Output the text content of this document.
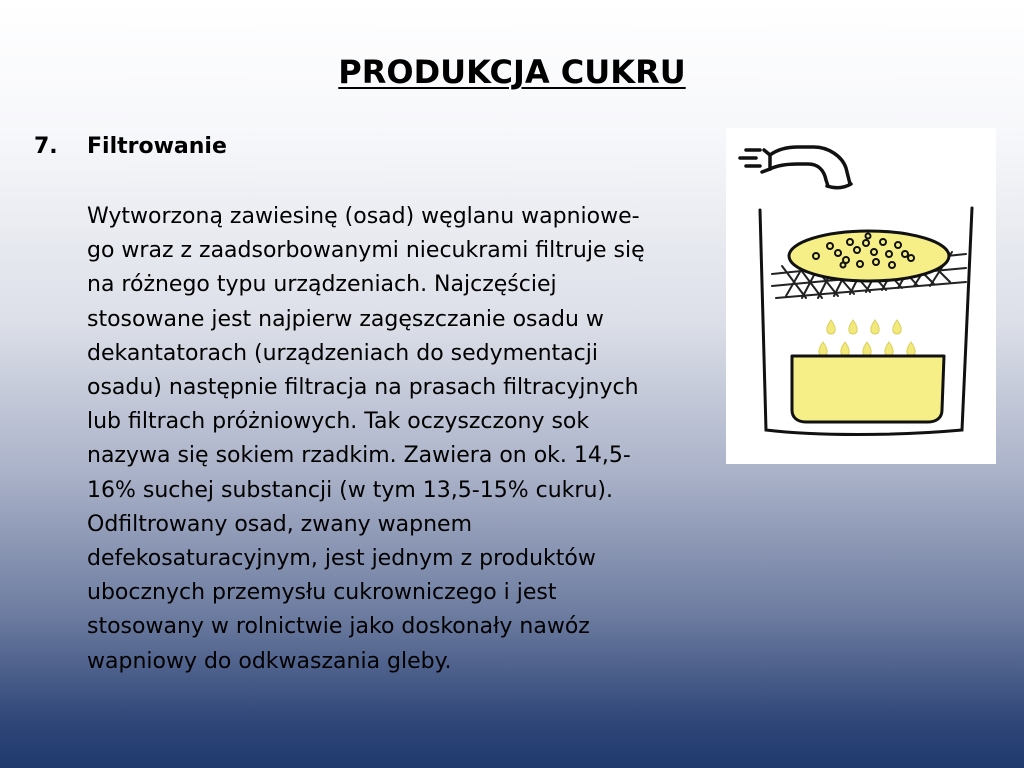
PRODUKCJA CUKRU
7. Filtrowanie

Wytworzoną zawiesinę (osad) węglanu wapniowe-
go wraz z zaadsorbowanymi niecukrami filtruje się
na różnego typu urządzeniach. Najczęściej
stosowane jest najpierw zagęszczanie osadu w
dekantatorach (urządzeniach do sedymentacji
osadu) następnie filtracja na prasach filtracyjnych
lub filtrach próżniowych. Tak oczyszczony sok
nazywa się sokiem rzadkim. Zawiera on ok. 14,5-
16% suchej substancji (w tym 13,5-15% cukru).
Odfiltrowany osad, zwany wapnem
defekosaturacyjnym, jest jednym z produktów
ubocznych przemysłu cukrowniczego i jest
stosowany w rolnictwie jako doskonały nawóz
wapniowy do odkwaszania gleby.
